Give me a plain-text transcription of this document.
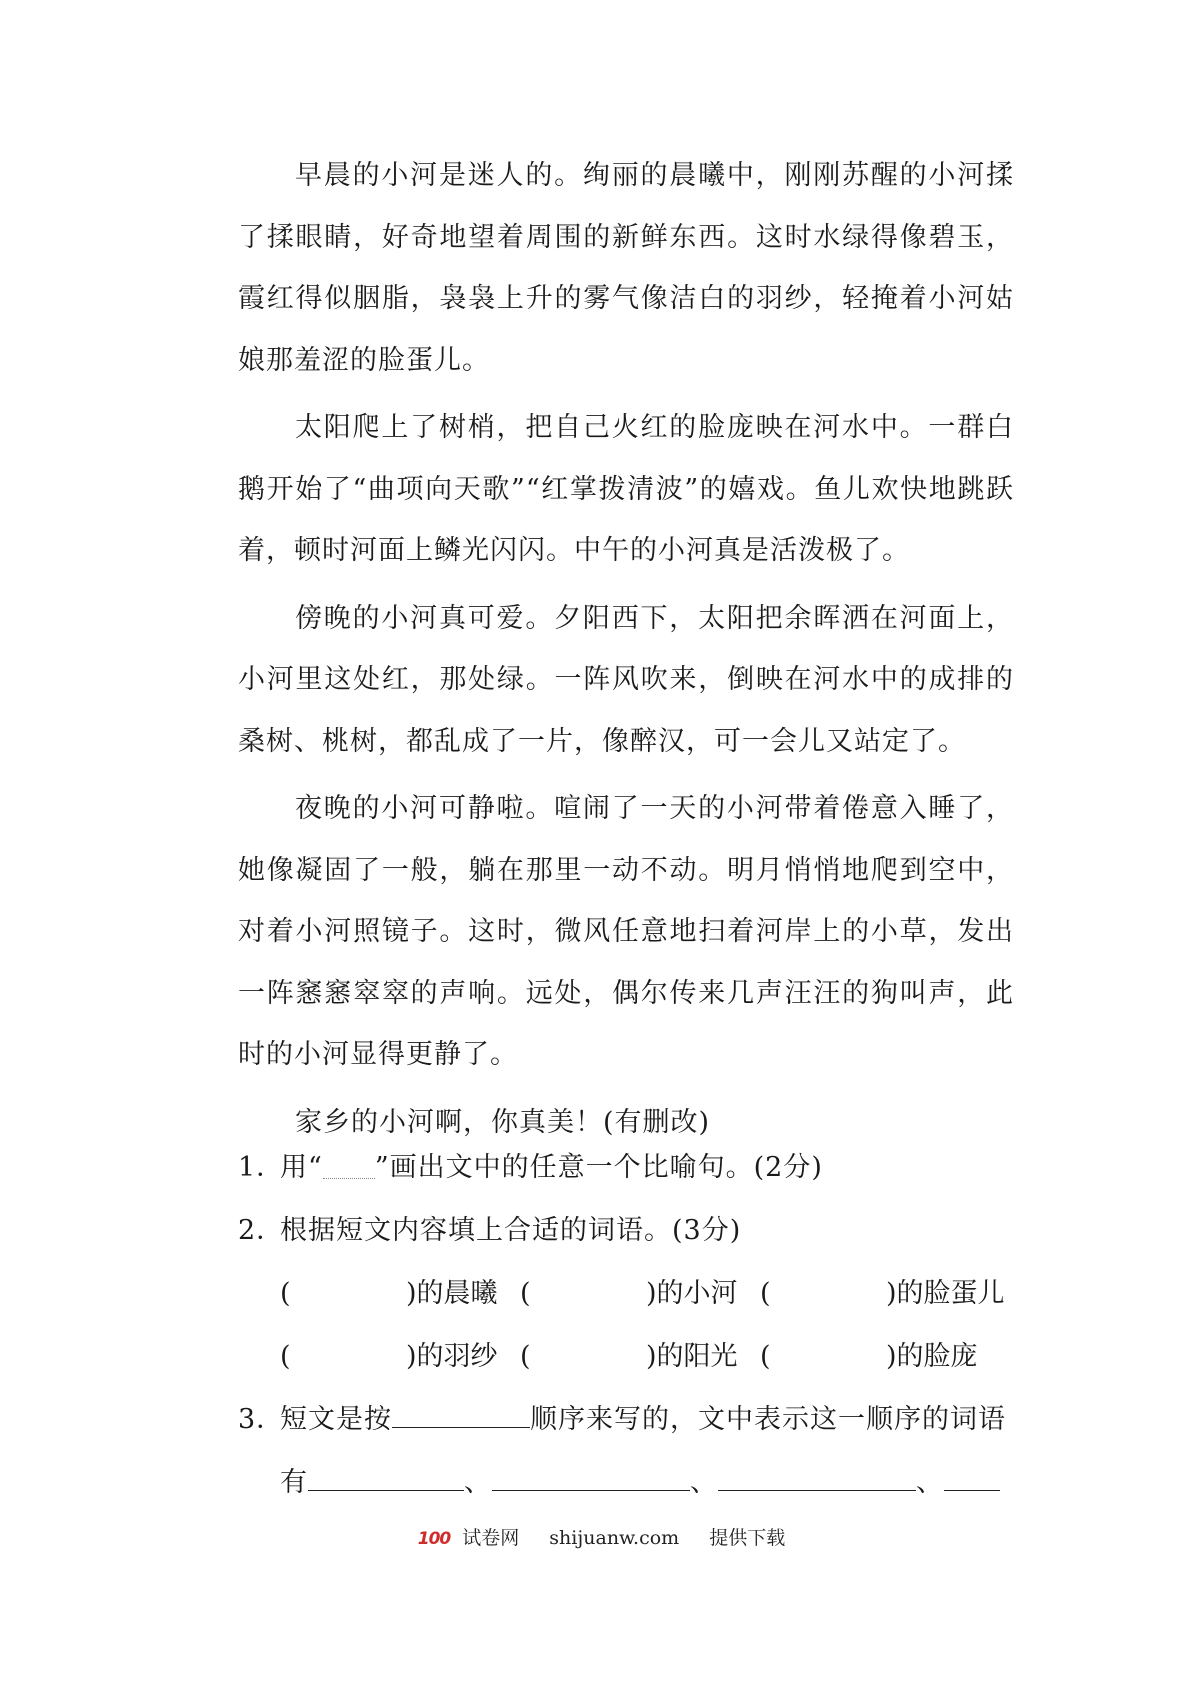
早晨的小河是迷人的。绚丽的晨曦中，刚刚苏醒的小河揉了揉眼睛，好奇地望着周围的新鲜东西。这时水绿得像碧玉，霞红得似胭脂，袅袅上升的雾气像洁白的羽纱，轻掩着小河姑娘那羞涩的脸蛋儿。

太阳爬上了树梢，把自己火红的脸庞映在河水中。一群白鹅开始了“曲项向天歌”“红掌拨清波”的嬉戏。鱼儿欢快地跳跃着，顿时河面上鳞光闪闪。中午的小河真是活泼极了。

傍晚的小河真可爱。夕阳西下，太阳把余晖洒在河面上，小河里这处红，那处绿。一阵风吹来，倒映在河水中的成排的桑树、桃树，都乱成了一片，像醉汉，可一会儿又站定了。

夜晚的小河可静啦。喧闹了一天的小河带着倦意入睡了，她像凝固了一般，躺在那里一动不动。明月悄悄地爬到空中，对着小河照镜子。这时，微风任意地扫着河岸上的小草，发出一阵窸窸窣窣的声响。远处，偶尔传来几声汪汪的狗叫声，此时的小河显得更静了。

家乡的小河啊，你真美！(有删改)

1．用“ ”画出文中的任意一个比喻句。(2分)

2．根据短文内容填上合适的词语。(3分)

(	)的晨曦 (	)的小河 (	)的脸蛋儿
(	)的羽纱 (	)的阳光 (	)的脸庞

3．短文是按	顺序来写的，文中表示这一顺序的词语

有	、	、	、

100 试卷网 shijuanw.com 提供下载
